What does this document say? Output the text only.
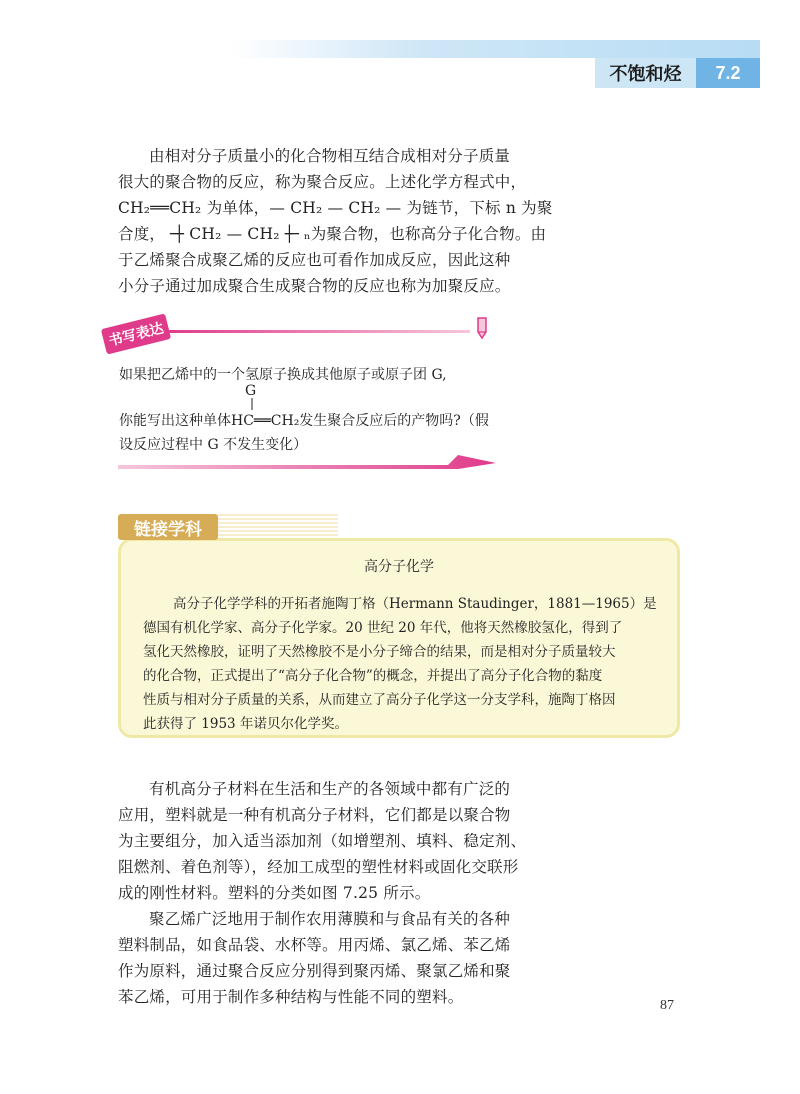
不饱和烃	7.2
由相对分子质量小的化合物相互结合成相对分子质量
很大的聚合物的反应，称为聚合反应。上述化学方程式中，
CH₂══CH₂ 为单体，— CH₂ — CH₂ — 为链节，下标 n 为聚
合度，╶┼ CH₂ — CH₂ ┼╴ₙ为聚合物，也称高分子化合物。由
于乙烯聚合成聚乙烯的反应也可看作加成反应，因此这种
小分子通过加成聚合生成聚合物的反应也称为加聚反应。
书写表达
如果把乙烯中的一个氢原子换成其他原子或原子团 G,
G
你能写出这种单体HC══CH₂发生聚合反应后的产物吗?（假
设反应过程中 G 不发生变化）
链接学科
高分子化学
高分子化学学科的开拓者施陶丁格（Hermann Staudinger，1881—1965）是
德国有机化学家、高分子化学家。20 世纪 20 年代，他将天然橡胶氢化，得到了
氢化天然橡胶，证明了天然橡胶不是小分子缔合的结果，而是相对分子质量较大
的化合物，正式提出了“高分子化合物”的概念，并提出了高分子化合物的黏度
性质与相对分子质量的关系，从而建立了高分子化学这一分支学科，施陶丁格因
此获得了 1953 年诺贝尔化学奖。
有机高分子材料在生活和生产的各领域中都有广泛的
应用，塑料就是一种有机高分子材料，它们都是以聚合物
为主要组分，加入适当添加剂（如增塑剂、填料、稳定剂、
阻燃剂、着色剂等），经加工成型的塑性材料或固化交联形
成的刚性材料。塑料的分类如图 7.25 所示。
聚乙烯广泛地用于制作农用薄膜和与食品有关的各种
塑料制品，如食品袋、水杯等。用丙烯、氯乙烯、苯乙烯
作为原料，通过聚合反应分别得到聚丙烯、聚氯乙烯和聚
苯乙烯，可用于制作多种结构与性能不同的塑料。	87
